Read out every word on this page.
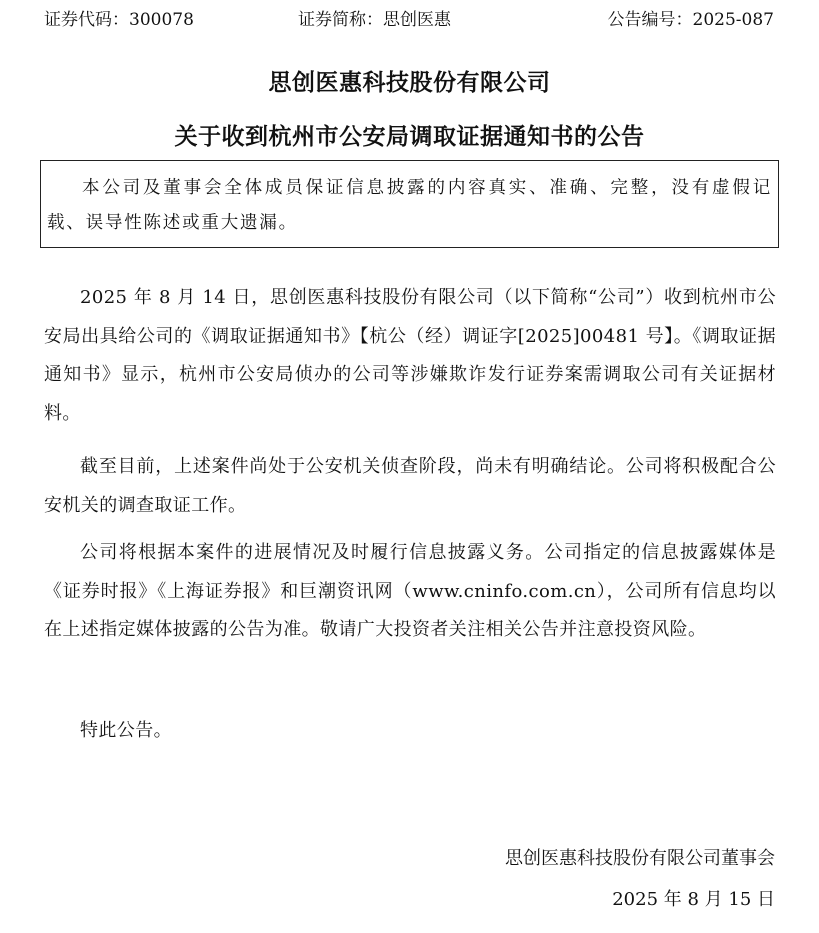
证券代码：300078	证券简称：思创医惠	公告编号：2025-087
思创医惠科技股份有限公司
关于收到杭州市公安局调取证据通知书的公告
本公司及董事会全体成员保证信息披露的内容真实、准确、完整，没有虚假记载、误导性陈述或重大遗漏。

2025 年 8 月 14 日，思创医惠科技股份有限公司（以下简称“公司”）收到杭州市公安局出具给公司的《调取证据通知书》【杭公（经）调证字[2025]00481 号】。《调取证据通知书》显示，杭州市公安局侦办的公司等涉嫌欺诈发行证券案需调取公司有关证据材料。

截至目前，上述案件尚处于公安机关侦查阶段，尚未有明确结论。公司将积极配合公安机关的调查取证工作。

公司将根据本案件的进展情况及时履行信息披露义务。公司指定的信息披露媒体是《证券时报》《上海证券报》和巨潮资讯网（www.cninfo.com.cn），公司所有信息均以在上述指定媒体披露的公告为准。敬请广大投资者关注相关公告并注意投资风险。

特此公告。

思创医惠科技股份有限公司董事会
2025 年 8 月 15 日
